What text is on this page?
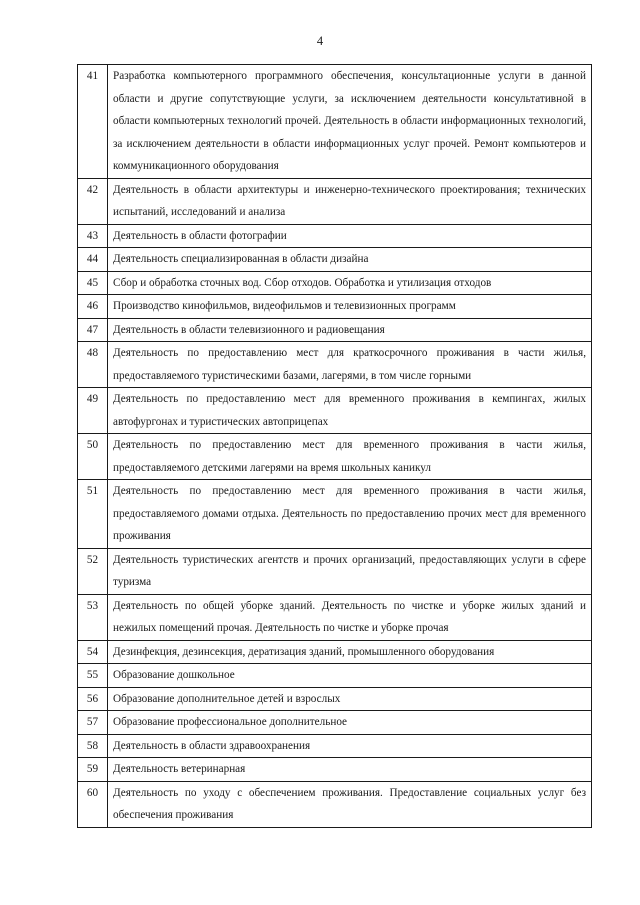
4
41	Разработка компьютерного программного обеспечения, консультационные услуги в данной области и другие сопутствующие услуги, за исключением деятельности консультативной в области компьютерных технологий прочей. Деятельность в области информационных технологий, за исключением деятельности в области информационных услуг прочей. Ремонт компьютеров и коммуникационного оборудования
42	Деятельность в области архитектуры и инженерно-технического проектирования; технических испытаний, исследований и анализа
43	Деятельность в области фотографии
44	Деятельность специализированная в области дизайна
45	Сбор и обработка сточных вод. Сбор отходов. Обработка и утилизация отходов
46	Производство кинофильмов, видеофильмов и телевизионных программ
47	Деятельность в области телевизионного и радиовещания
48	Деятельность по предоставлению мест для краткосрочного проживания в части жилья, предоставляемого туристическими базами, лагерями, в том числе горными
49	Деятельность по предоставлению мест для временного проживания в кемпингах, жилых автофургонах и туристических автоприцепах
50	Деятельность по предоставлению мест для временного проживания в части жилья, предоставляемого детскими лагерями на время школьных каникул
51	Деятельность по предоставлению мест для временного проживания в части жилья, предоставляемого домами отдыха. Деятельность по предоставлению прочих мест для временного проживания
52	Деятельность туристических агентств и прочих организаций, предоставляющих услуги в сфере туризма
53	Деятельность по общей уборке зданий. Деятельность по чистке и уборке жилых зданий и нежилых помещений прочая. Деятельность по чистке и уборке прочая
54	Дезинфекция, дезинсекция, дератизация зданий, промышленного оборудования
55	Образование дошкольное
56	Образование дополнительное детей и взрослых
57	Образование профессиональное дополнительное
58	Деятельность в области здравоохранения
59	Деятельность ветеринарная
60	Деятельность по уходу с обеспечением проживания. Предоставление социальных услуг без обеспечения проживания
